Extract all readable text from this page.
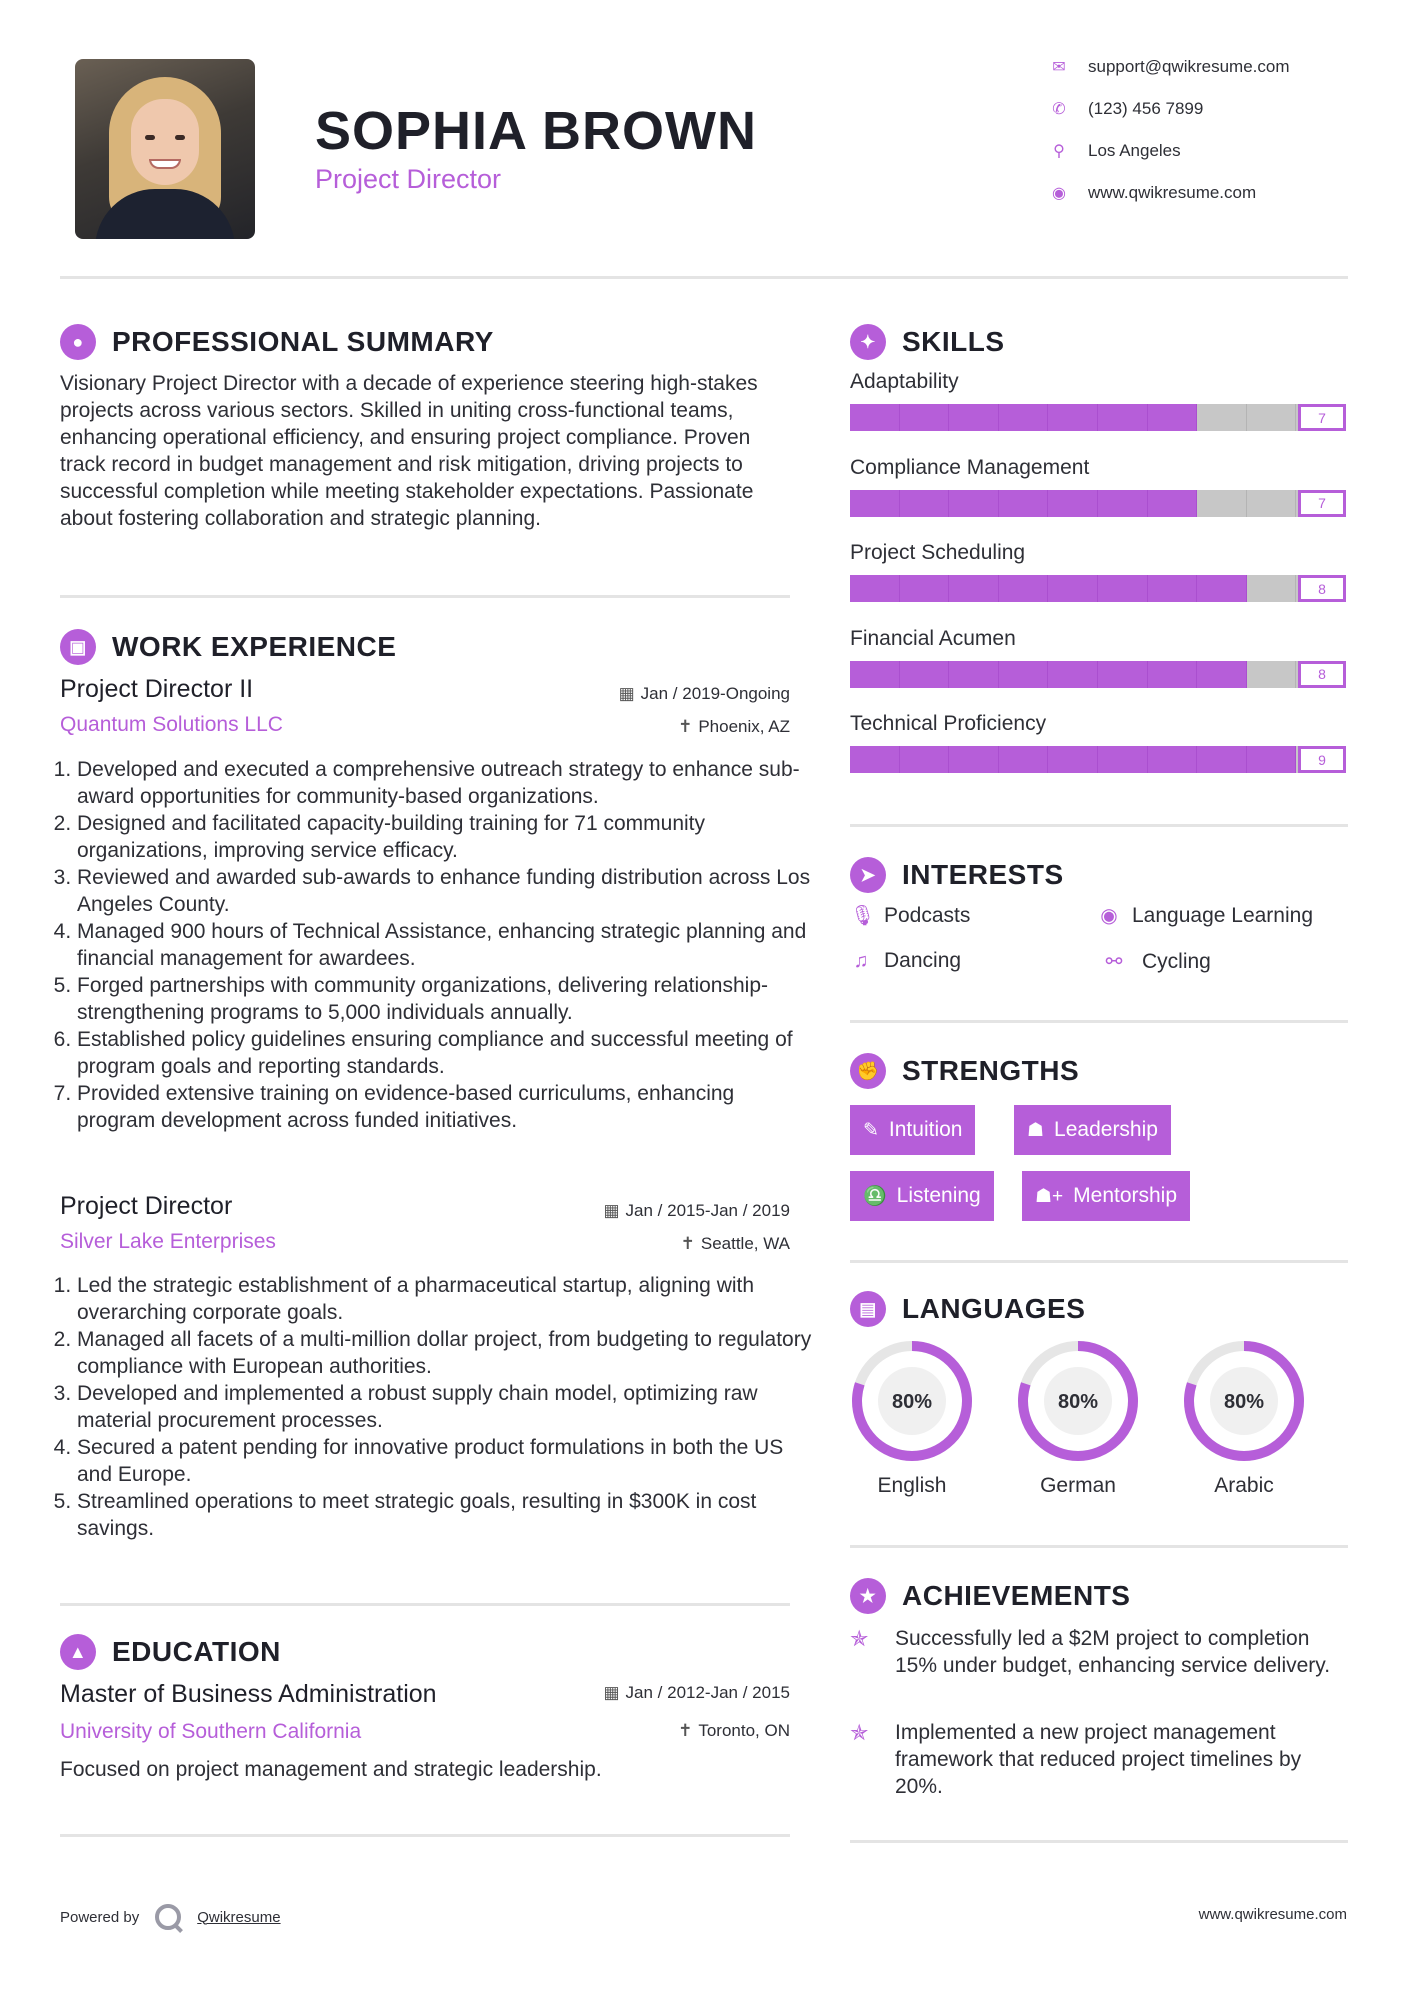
SOPHIA BROWN
Project Director
✉ support@qwikresume.com
✆ (123) 456 7899
⚲	Los Angeles
◉ www.qwikresume.com
●	PROFESSIONAL SUMMARY
Visionary Project Director with a decade of experience steering high-stakes projects across various sectors. Skilled in uniting cross-functional teams, enhancing operational efficiency, and ensuring project compliance. Proven track record in budget management and risk mitigation, driving projects to successful completion while meeting stakeholder expectations. Passionate about fostering collaboration and strategic planning.
▣ WORK EXPERIENCE
Project Director II	▦ Jan / 2019-Ongoing
Quantum Solutions LLC	✝ Phoenix, AZ
1. Developed and executed a comprehensive outreach strategy to enhance sub-award opportunities for community-based organizations.
2. Designed and facilitated capacity-building training for 71 community organizations, improving service efficacy.
3. Reviewed and awarded sub-awards to enhance funding distribution across Los Angeles County.
4. Managed 900 hours of Technical Assistance, enhancing strategic planning and financial management for awardees.
5. Forged partnerships with community organizations, delivering relationship-strengthening programs to 5,000 individuals annually.
6. Established policy guidelines ensuring compliance and successful meeting of program goals and reporting standards.
7. Provided extensive training on evidence-based curriculums, enhancing program development across funded initiatives.
Project Director	▦ Jan / 2015-Jan / 2019
Silver Lake Enterprises	✝ Seattle, WA
1. Led the strategic establishment of a pharmaceutical startup, aligning with overarching corporate goals.
2. Managed all facets of a multi-million dollar project, from budgeting to regulatory compliance with European authorities.
3. Developed and implemented a robust supply chain model, optimizing raw material procurement processes.
4. Secured a patent pending for innovative product formulations in both the US and Europe.
5. Streamlined operations to meet strategic goals, resulting in $300K in cost savings.
▲ EDUCATION
Master of Business Administration	▦ Jan / 2012-Jan / 2015
University of Southern California	✝ Toronto, ON
Focused on project management and strategic leadership.
✦ SKILLS
Adaptability
7
Compliance Management
7
Project Scheduling
8
Financial Acumen
8
Technical Proficiency
9
➤ INTERESTS
🎙 Podcasts	◉ Language Learning
♫ Dancing	⚯ Cycling
✊ STRENGTHS
✎ Intuition	☗ Leadership
♎ Listening	☗+ Mentorship
▤ LANGUAGES
80%
English
80%
German
80%
Arabic
★ ACHIEVEMENTS
✯	Successfully led a $2M project to completion 15% under budget, enhancing service delivery.
✯	Implemented a new project management framework that reduced project timelines by 20%.
Powered by	Qwikresume	www.qwikresume.com
